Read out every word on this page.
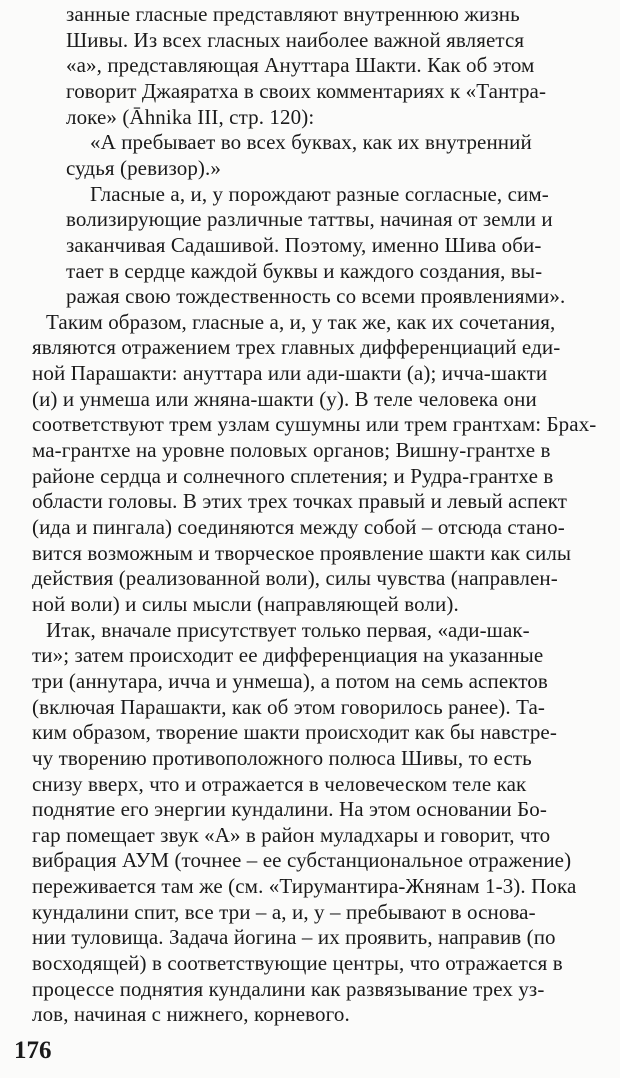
занные гласные представляют внутреннюю жизнь
Шивы. Из всех гласных наиболее важной является
«а», представляющая Ануттара Шакти. Как об этом
говорит Джаяратха в своих комментариях к «Тантра-
локе» (Āhnika III, стр. 120):
«А пребывает во всех буквах, как их внутренний
судья (ревизор).»
Гласные а, и, у порождают разные согласные, сим-
волизирующие различные таттвы, начиная от земли и
заканчивая Садашивой. Поэтому, именно Шива оби-
тает в сердце каждой буквы и каждого создания, вы-
ражая свою тождественность со всеми проявлениями».
Таким образом, гласные а, и, у так же, как их сочетания,
являются отражением трех главных дифференциаций еди-
ной Парашакти: ануттара или ади-шакти (а); иччa-шакти
(и) и унмеша или жняна-шакти (у). В теле человека они
соответствуют трем узлам сушумны или трем грантхам: Брах-
ма-грантхе на уровне половых органов; Вишну-грантхе в
районе сердца и солнечного сплетения; и Рудра-грантхе в
области головы. В этих трех точках правый и левый аспект
(ида и пингала) соединяются между собой – отсюда стано-
вится возможным и творческое проявление шакти как силы
действия (реализованной воли), силы чувства (направлен-
ной воли) и силы мысли (направляющей воли).
Итак, вначале присутствует только первая, «ади-шак-
ти»; затем происходит ее дифференциация на указанные
три (аннутара, иччa и унмеша), а потом на семь аспектов
(включая Парашакти, как об этом говорилось ранее). Та-
ким образом, творение шакти происходит как бы навстре-
чу творению противоположного полюса Шивы, то есть
снизу вверх, что и отражается в человеческом теле как
поднятие его энергии кундалини. На этом основании Бо-
гар помещает звук «А» в район муладхары и говорит, что
вибрация АУМ (точнее – ее субстанциональное отражение)
переживается там же (см. «Тирумантира-Жнянам 1-3). Пока
кундалини спит, все три – а, и, у – пребывают в основа-
нии туловища. Задача йогина – их проявить, направив (по
восходящей) в соответствующие центры, что отражается в
процессе поднятия кундалини как развязывание трех уз-
лов, начиная с нижнего, корневого.
176
